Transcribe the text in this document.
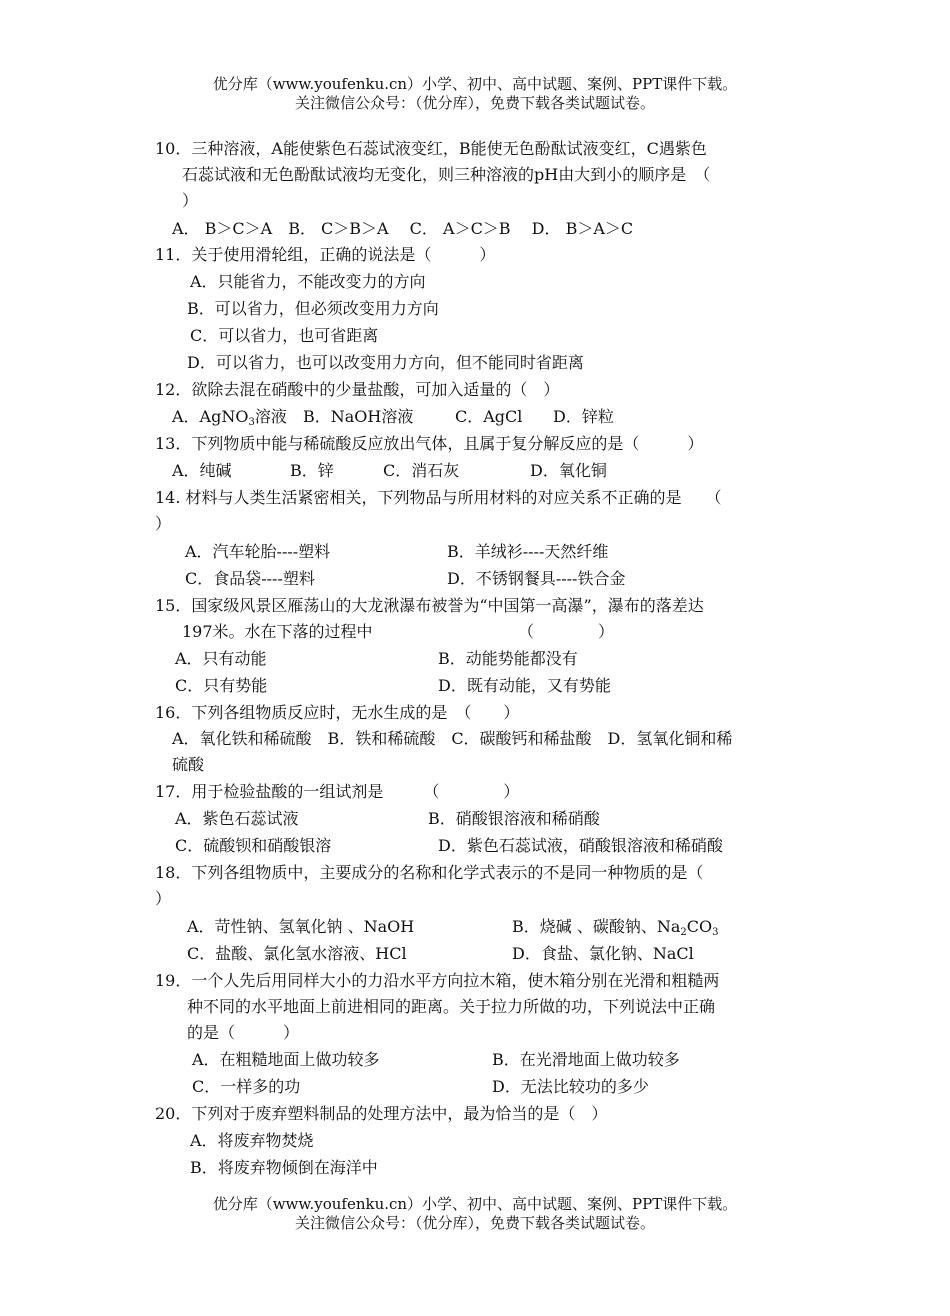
优分库（www.youfenku.cn）小学、初中、高中试题、案例、PPT课件下载。
关注微信公众号：（优分库），免费下载各类试题试卷。
10．三种溶液，A能使紫色石蕊试液变红，B能使无色酚酞试液变红，C遇紫色
石蕊试液和无色酚酞试液均无变化，则三种溶液的pH由大到小的顺序是　（
）
A． B＞C＞A　B． C＞B＞A　 C． A＞C＞B　 D． B＞A＞C
11．关于使用滑轮组，正确的说法是（　　　）
A．只能省力，不能改变力的方向
B．可以省力，但必须改变用力方向
C．可以省力，也可省距离
D．可以省力，也可以改变用力方向，但不能同时省距离
12．欲除去混在硝酸中的少量盐酸，可加入适量的（　）
A．AgNO$_3$溶液 B．NaOH溶液	C．AgCl D．锌粒
13．下列物质中能与稀硫酸反应放出气体，且属于复分解反应的是（　　　）
A．纯碱	B．锌	C．消石灰	D．氧化铜
14. 材料与人类生活紧密相关，下列物品与所用材料的对应关系不正确的是　　（
）
A．汽车轮胎----塑料	B．羊绒衫----天然纤维
C．食品袋----塑料	D．不锈钢餐具----铁合金
15．国家级风景区雁荡山的大龙湫瀑布被誉为“中国第一高瀑”，瀑布的落差达
197米。水在下落的过程中	（　　　　）
A．只有动能	B．动能势能都没有
C．只有势能	D．既有动能，又有势能
16．下列各组物质反应时，无水生成的是　（　　）
A．氧化铁和稀硫酸　B．铁和稀硫酸　C．碳酸钙和稀盐酸　D．氢氧化铜和稀
硫酸
17．用于检验盐酸的一组试剂是　　　（　　　　）
A．紫色石蕊试液	B．硝酸银溶液和稀硝酸
C．硫酸钡和硝酸银溶	D．紫色石蕊试液，硝酸银溶液和稀硝酸
18．下列各组物质中，主要成分的名称和化学式表示的不是同一种物质的是（
）
A．苛性钠、氢氧化钠 、NaOH	B．烧碱 、碳酸钠、$Na_2CO_3$
C．盐酸、氯化氢水溶液、HCl	D．食盐、氯化钠、NaCl
19．一个人先后用同样大小的力沿水平方向拉木箱，使木箱分别在光滑和粗糙两
种不同的水平地面上前进相同的距离。关于拉力所做的功，下列说法中正确
的是（　　　）
A．在粗糙地面上做功较多	B．在光滑地面上做功较多
C．一样多的功	D．无法比较功的多少
20．下列对于废弃塑料制品的处理方法中，最为恰当的是（　）
A．将废弃物焚烧
B．将废弃物倾倒在海洋中
优分库（www.youfenku.cn）小学、初中、高中试题、案例、PPT课件下载。
关注微信公众号：（优分库），免费下载各类试题试卷。
